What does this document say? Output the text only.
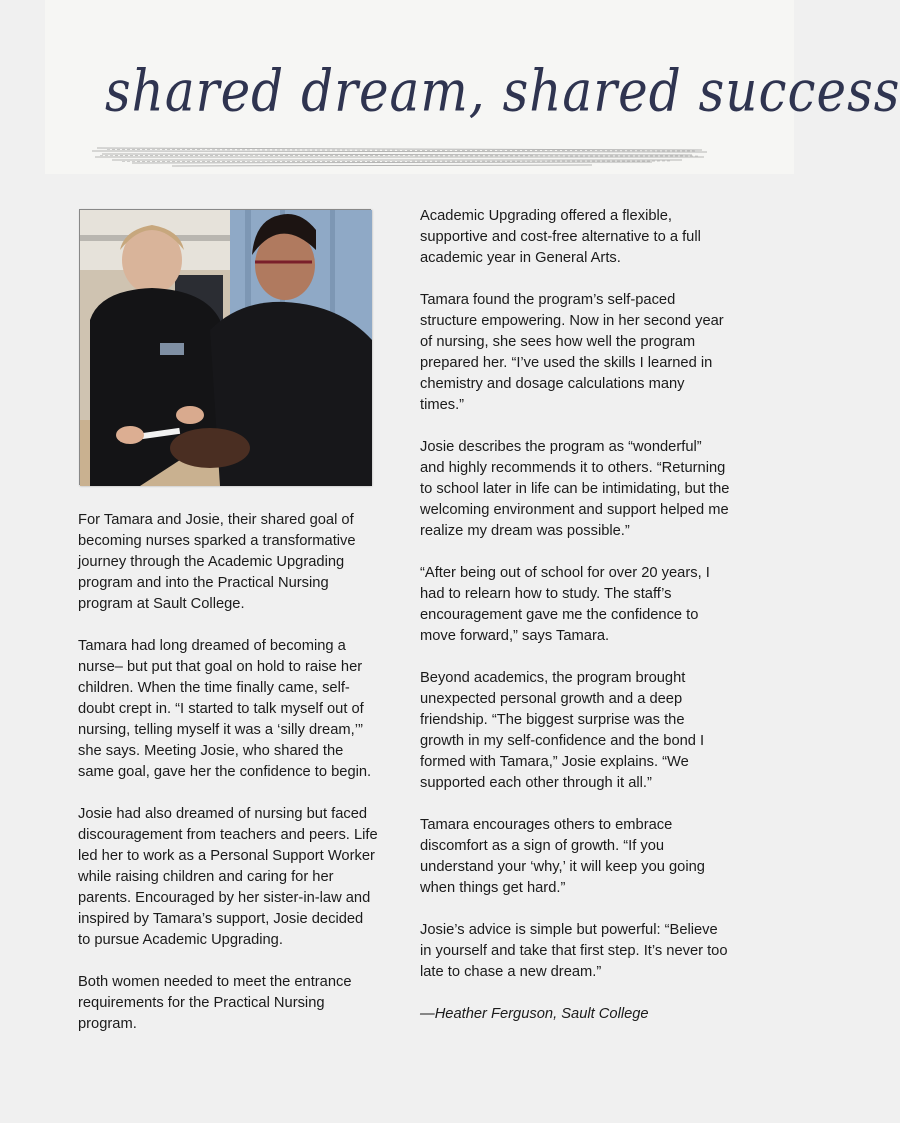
shared dream, shared success

For Tamara and Josie, their shared goal of becoming nurses sparked a transformative journey through the Academic Upgrading program and into the Practical Nursing program at Sault College.

Tamara had long dreamed of becoming a nurse– but put that goal on hold to raise her children. When the time finally came, self-doubt crept in. “I started to talk myself out of nursing, telling myself it was a ‘silly dream,’” she says. Meeting Josie, who shared the same goal, gave her the confidence to begin.

Josie had also dreamed of nursing but faced discouragement from teachers and peers. Life led her to work as a Personal Support Worker while raising children and caring for her parents. Encouraged by her sister-in-law and inspired by Tamara’s support, Josie decided to pursue Academic Upgrading.

Both women needed to meet the entrance requirements for the Practical Nursing program.

Academic Upgrading offered a flexible, supportive and cost-free alternative to a full academic year in General Arts.

Tamara found the program’s self-paced structure empowering. Now in her second year of nursing, she sees how well the program prepared her. “I’ve used the skills I learned in chemistry and dosage calculations many times.”

Josie describes the program as “wonderful” and highly recommends it to others. “Returning to school later in life can be intimidating, but the welcoming environment and support helped me realize my dream was possible.”

“After being out of school for over 20 years, I had to relearn how to study. The staff’s encouragement gave me the confidence to move forward,” says Tamara.

Beyond academics, the program brought unexpected personal growth and a deep friendship. “The biggest surprise was the growth in my self-confidence and the bond I formed with Tamara,” Josie explains. “We supported each other through it all.”

Tamara encourages others to embrace discomfort as a sign of growth. “If you understand your ‘why,’ it will keep you going when things get hard.”

Josie’s advice is simple but powerful: “Believe in yourself and take that first step. It’s never too late to chase a new dream.”

—Heather Ferguson, Sault College
